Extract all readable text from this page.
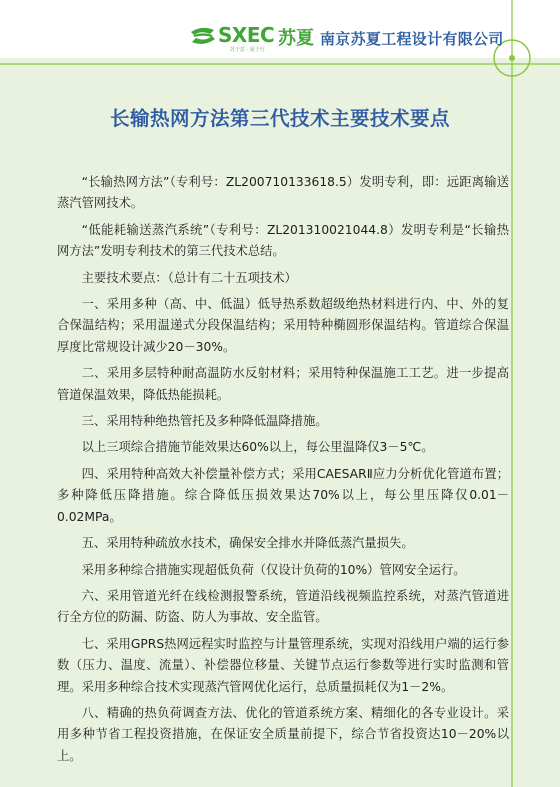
SXEC 苏夏
苏于思 · 夏于行
南京苏夏工程设计有限公司
长输热网方法第三代技术主要技术要点

“长输热网方法”（专利号：ZL200710133618.5）发明专利，即：远距离输送蒸汽管网技术。

“低能耗输送蒸汽系统”（专利号：ZL201310021044.8）发明专利是“长输热网方法”发明专利技术的第三代技术总结。

主要技术要点：（总计有二十五项技术）

一、采用多种（高、中、低温）低导热系数超级绝热材料进行内、中、外的复合保温结构；采用温递式分段保温结构；采用特种椭圆形保温结构。管道综合保温厚度比常规设计减少20－30%。

二、采用多层特种耐高温防水反射材料；采用特种保温施工工艺。进一步提高管道保温效果，降低热能损耗。

三、采用特种绝热管托及多种降低温降措施。

以上三项综合措施节能效果达60%以上，每公里温降仅3－5℃。

四、采用特种高效大补偿量补偿方式；采用CAESARⅡ应力分析优化管道布置；多种降低压降措施。综合降低压损效果达70%以上，每公里压降仅0.01－0.02MPa。

五、采用特种疏放水技术，确保安全排水并降低蒸汽量损失。

采用多种综合措施实现超低负荷（仅设计负荷的10%）管网安全运行。

六、采用管道光纤在线检测报警系统，管道沿线视频监控系统，对蒸汽管道进行全方位的防漏、防盗、防人为事故、安全监管。

七、采用GPRS热网远程实时监控与计量管理系统，实现对沿线用户端的运行参数（压力、温度、流量）、补偿器位移量、关键节点运行参数等进行实时监测和管理。采用多种综合技术实现蒸汽管网优化运行，总质量损耗仅为1－2%。

八、精确的热负荷调查方法、优化的管道系统方案、精细化的各专业设计。采用多种节省工程投资措施，在保证安全质量前提下，综合节省投资达10－20%以上。
